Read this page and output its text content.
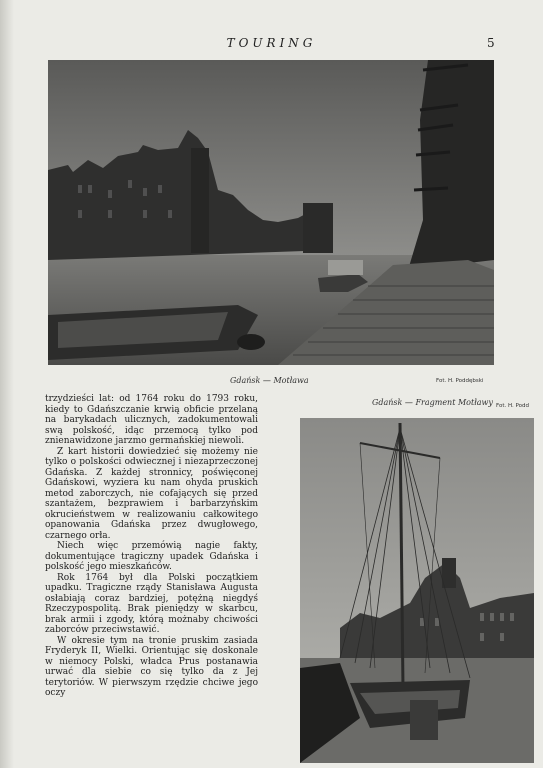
TOURING	5
Gdańsk — Motława	Fot. H. Poddębski
Gdańsk — Fragment Motławy Fot. H. Podd

trzydzieści lat: od 1764 roku do 1793 roku, kiedy to Gdańszczanie krwią obficie przelaną na barykadach ulicznych, zadokumentowali swą polskość, idąc przemocą tylko pod znienawidzone jarzmo germańskiej niewoli.

Z kart historii dowiedzieć się możemy nie tylko o polskości odwiecznej i niezaprzeczonej Gdańska. Z każdej stronnicy, poświęconej Gdańskowi, wyziera ku nam ohyda pruskich metod zaborczych, nie cofających się przed szantażem, bezprawiem i barbarzyńskim okrucieństwem w realizowaniu całkowitego opanowania Gdańska przez dwugłowego, czarnego orła.

Niech więc przemówią nagie fakty, dokumentujące tragiczny upadek Gdańska i polskość jego mieszkańców.

Rok 1764 był dla Polski początkiem upadku. Tragiczne rządy Stanisława Augusta osłabiają coraz bardziej, potężną niegdyś Rzeczypospolitą. Brak pieniędzy w skarbcu, brak armii i zgody, którą możnaby chciwości zaborców przeciwstawić.

W okresie tym na tronie pruskim zasiada Fryderyk II, Wielki. Orientując się doskonale w niemocy Polski, władca Prus postanawia urwać dla siebie co się tylko da z Jej terytoriów. W pierwszym rzędzie chciwe jego oczy
